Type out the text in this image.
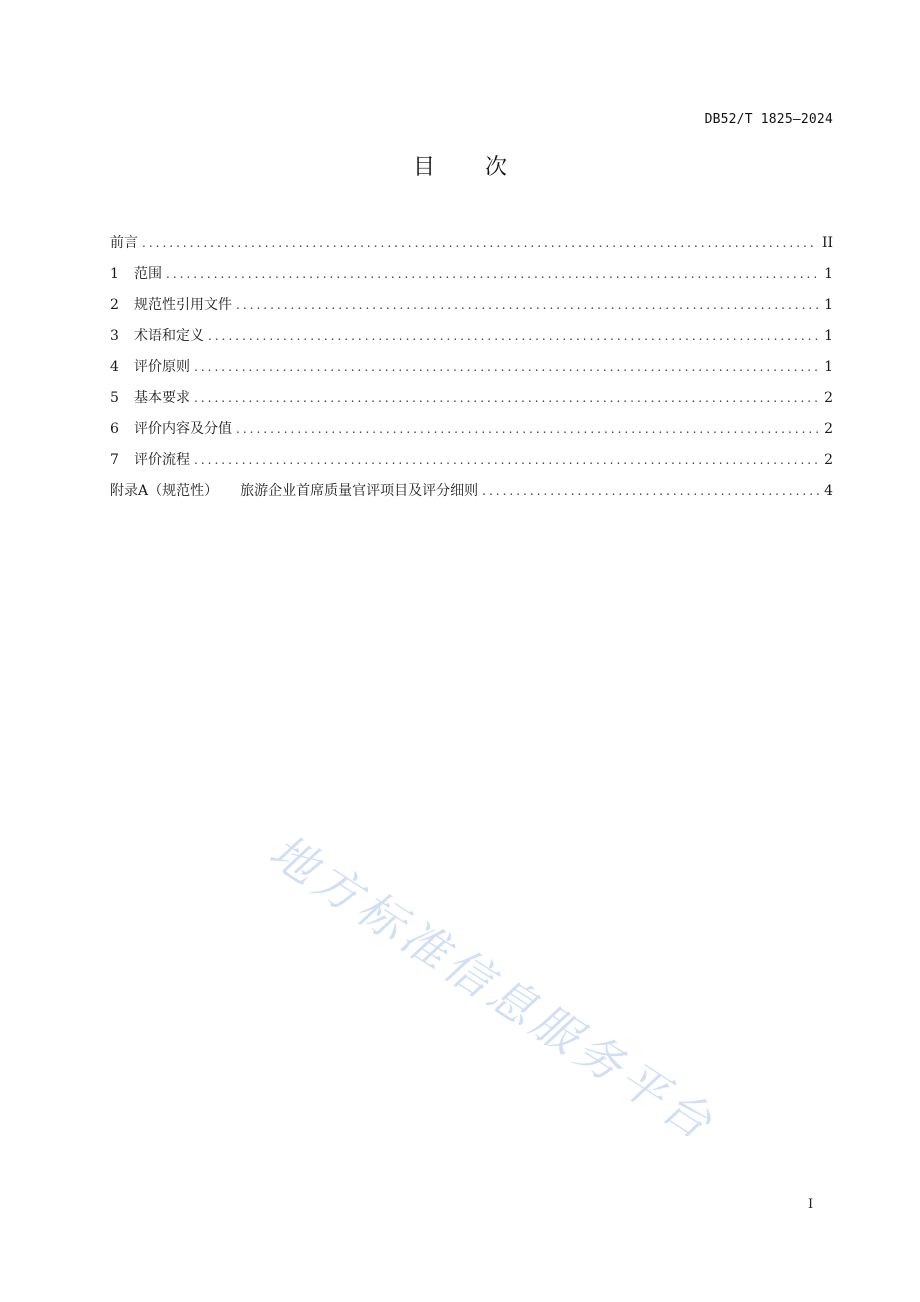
DB52/T 1825—2024
目 次
前言 .....	II
1	范围 .....	1
2	规范性引用文件 .....	1
3	术语和定义 .....	1
4	评价原则 .....	1
5	基本要求 .....	2
6	评价内容及分值 .....	2
7	评价流程 .....	2
附录A（规范性） 旅游企业首席质量官评项目及评分细则 .....	4
地方标准信息服务平台
I
